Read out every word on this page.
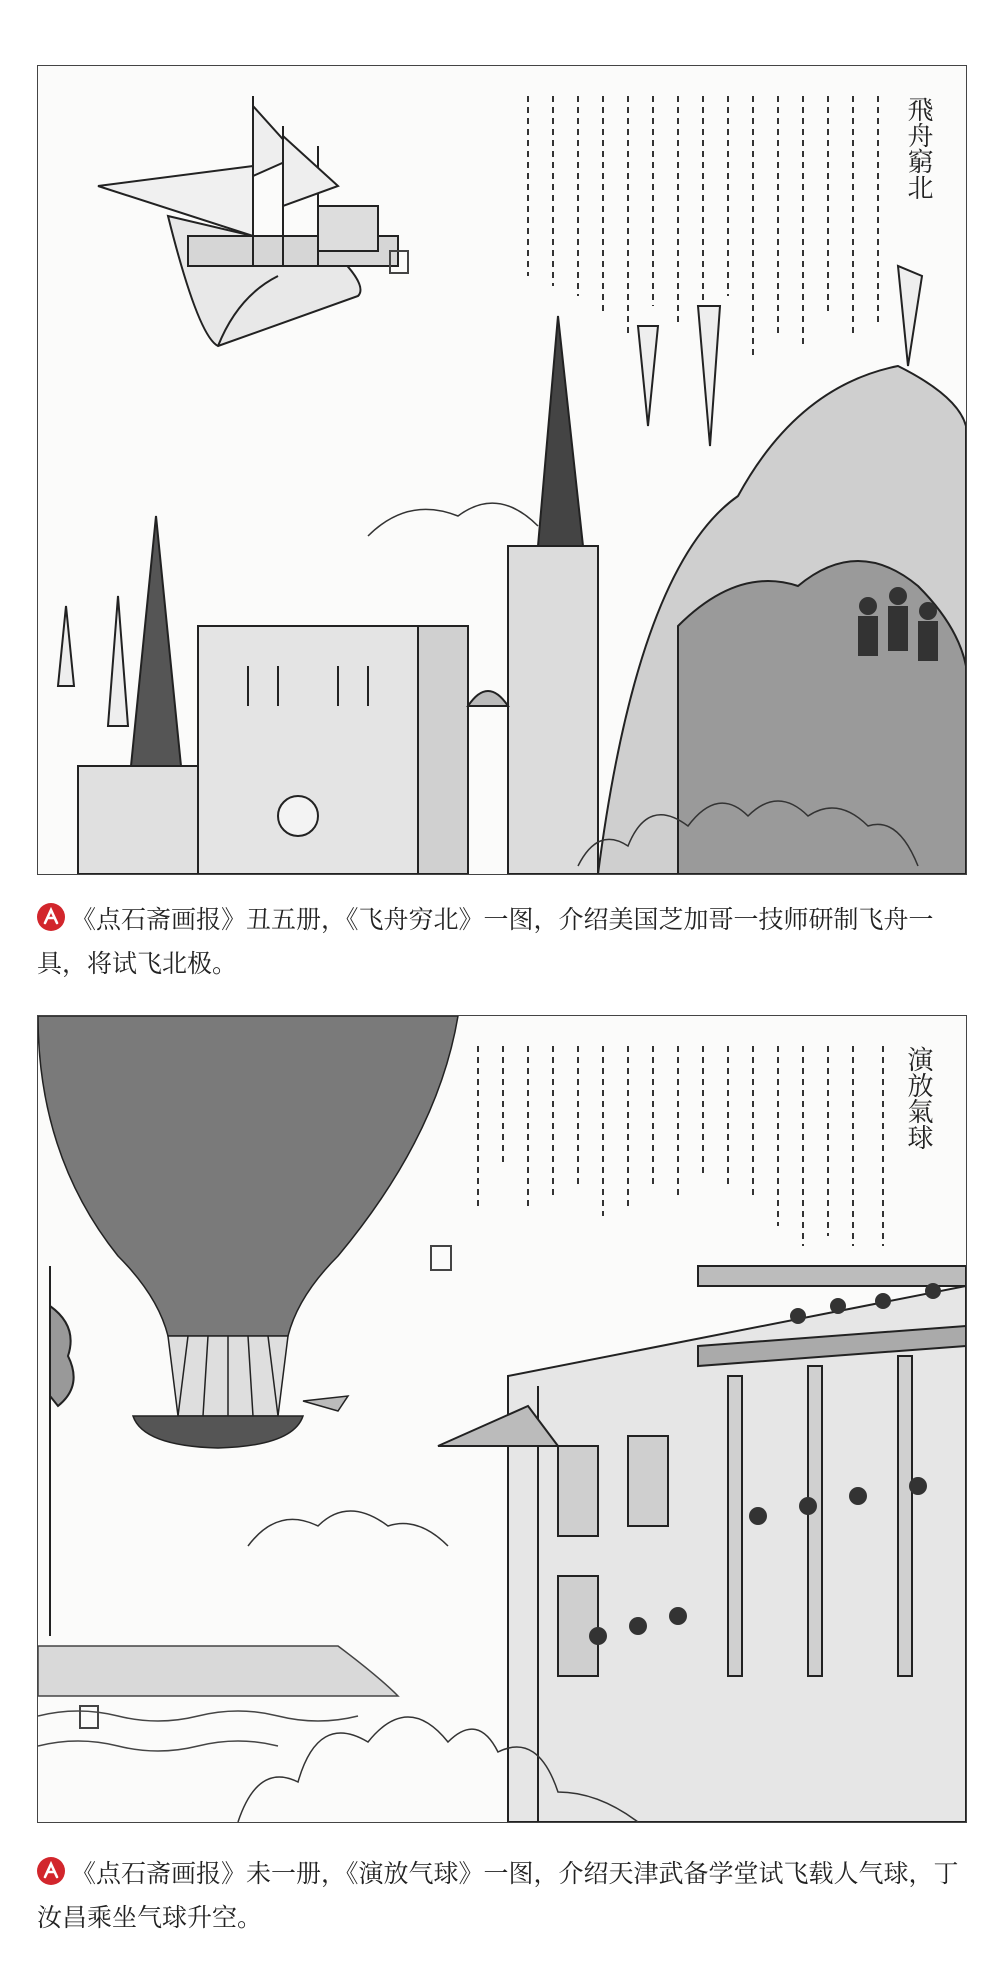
飛舟窮北
《点石斋画报》丑五册，《飞舟穷北》一图，介绍美国芝加哥一技师研制飞舟一具，将试飞北极。
演放氣球
《点石斋画报》未一册，《演放气球》一图，介绍天津武备学堂试飞载人气球，丁汝昌乘坐气球升空。
